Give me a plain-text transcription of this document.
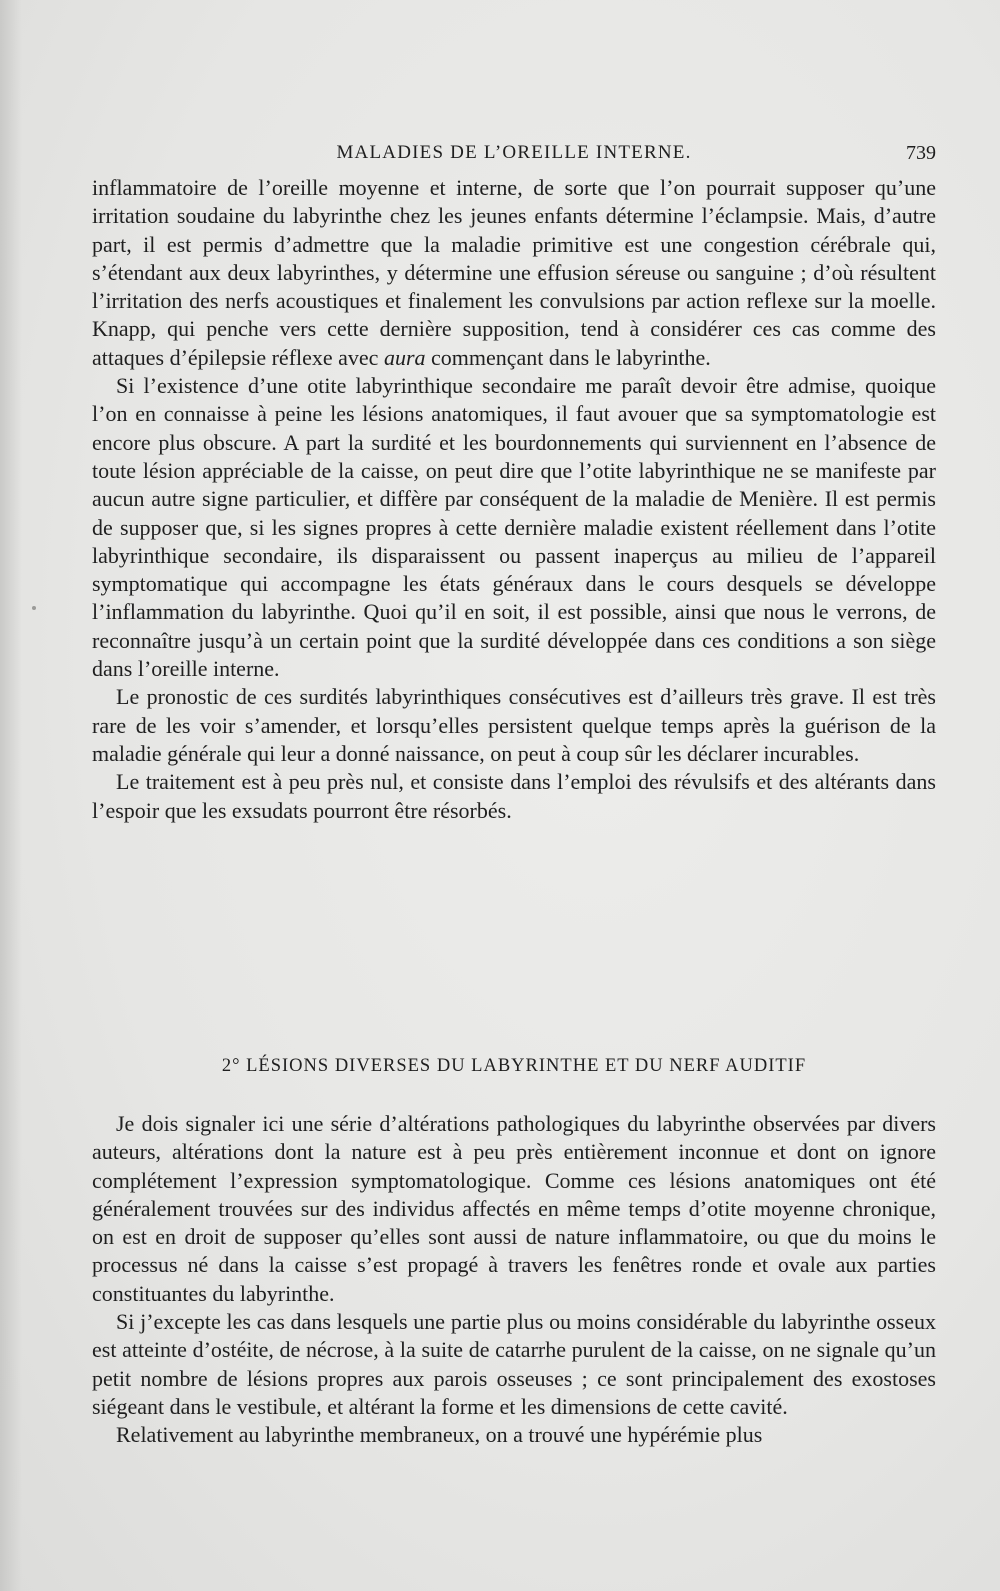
MALADIES DE L’OREILLE INTERNE.	739

inflammatoire de l’oreille moyenne et interne, de sorte que l’on pourrait supposer qu’une irritation soudaine du labyrinthe chez les jeunes enfants détermine l’éclampsie. Mais, d’autre part, il est permis d’admettre que la maladie primitive est une congestion cérébrale qui, s’étendant aux deux labyrinthes, y détermine une effusion séreuse ou sanguine ; d’où résultent l’irritation des nerfs acoustiques et finalement les convulsions par action reflexe sur la moelle. Knapp, qui penche vers cette dernière supposition, tend à considérer ces cas comme des attaques d’épilepsie réflexe avec aura commençant dans le labyrinthe.

Si l’existence d’une otite labyrinthique secondaire me paraît devoir être admise, quoique l’on en connaisse à peine les lésions anatomiques, il faut avouer que sa symptomatologie est encore plus obscure. A part la surdité et les bourdonnements qui surviennent en l’absence de toute lésion appréciable de la caisse, on peut dire que l’otite labyrinthique ne se manifeste par aucun autre signe particulier, et diffère par conséquent de la maladie de Menière. Il est permis de supposer que, si les signes propres à cette dernière maladie existent réellement dans l’otite labyrinthique secondaire, ils disparaissent ou passent inaperçus au milieu de l’appareil symptomatique qui accompagne les états généraux dans le cours desquels se développe l’inflammation du labyrinthe. Quoi qu’il en soit, il est possible, ainsi que nous le verrons, de reconnaître jusqu’à un certain point que la surdité développée dans ces conditions a son siège dans l’oreille interne.

Le pronostic de ces surdités labyrinthiques consécutives est d’ailleurs très grave. Il est très rare de les voir s’amender, et lorsqu’elles persistent quelque temps après la guérison de la maladie générale qui leur a donné naissance, on peut à coup sûr les déclarer incurables.

Le traitement est à peu près nul, et consiste dans l’emploi des révulsifs et des altérants dans l’espoir que les exsudats pourront être résorbés.

2° LÉSIONS DIVERSES DU LABYRINTHE ET DU NERF AUDITIF

Je dois signaler ici une série d’altérations pathologiques du labyrinthe observées par divers auteurs, altérations dont la nature est à peu près entièrement inconnue et dont on ignore complétement l’expression symptomatologique. Comme ces lésions anatomiques ont été généralement trouvées sur des individus affectés en même temps d’otite moyenne chronique, on est en droit de supposer qu’elles sont aussi de nature inflammatoire, ou que du moins le processus né dans la caisse s’est propagé à travers les fenêtres ronde et ovale aux parties constituantes du labyrinthe.

Si j’excepte les cas dans lesquels une partie plus ou moins considérable du labyrinthe osseux est atteinte d’ostéite, de nécrose, à la suite de catarrhe purulent de la caisse, on ne signale qu’un petit nombre de lésions propres aux parois osseuses ; ce sont principalement des exostoses siégeant dans le vestibule, et altérant la forme et les dimensions de cette cavité.

Relativement au labyrinthe membraneux, on a trouvé une hypérémie plus
